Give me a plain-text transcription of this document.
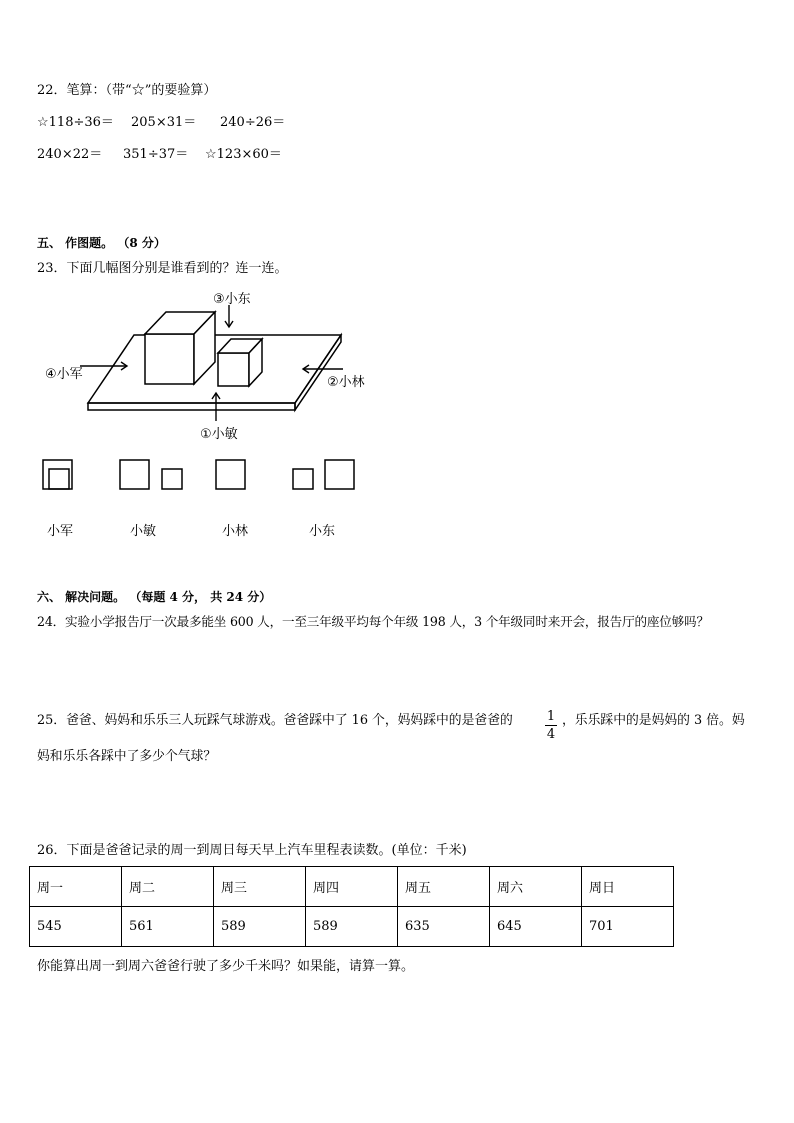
22．笔算：（带“☆”的要验算）
☆118÷36＝ 205×31＝ 240÷26＝
240×22＝ 351÷37＝ ☆123×60＝
五、 作图题。 （8 分）
23．下面几幅图分别是谁看到的？连一连。
③小东
④小军
②小林
①小敏
小军	小敏	小林	小东
六、 解决问题。 （每题 4 分， 共 24 分）
24．实验小学报告厅一次最多能坐 600 人，一至三年级平均每个年级 198 人，3 个年级同时来开会，报告厅的座位够吗？
25．爸爸、妈妈和乐乐三人玩踩气球游戏。爸爸踩中了 16 个，妈妈踩中的是爸爸的	1
4
，乐乐踩中的是妈妈的 3 倍。妈
妈和乐乐各踩中了多少个气球？
26．下面是爸爸记录的周一到周日每天早上汽车里程表读数。(单位：千米)
周一	周二	周三	周四	周五	周六	周日
545	561	589	589	635	645	701
你能算出周一到周六爸爸行驶了多少千米吗？如果能，请算一算。
